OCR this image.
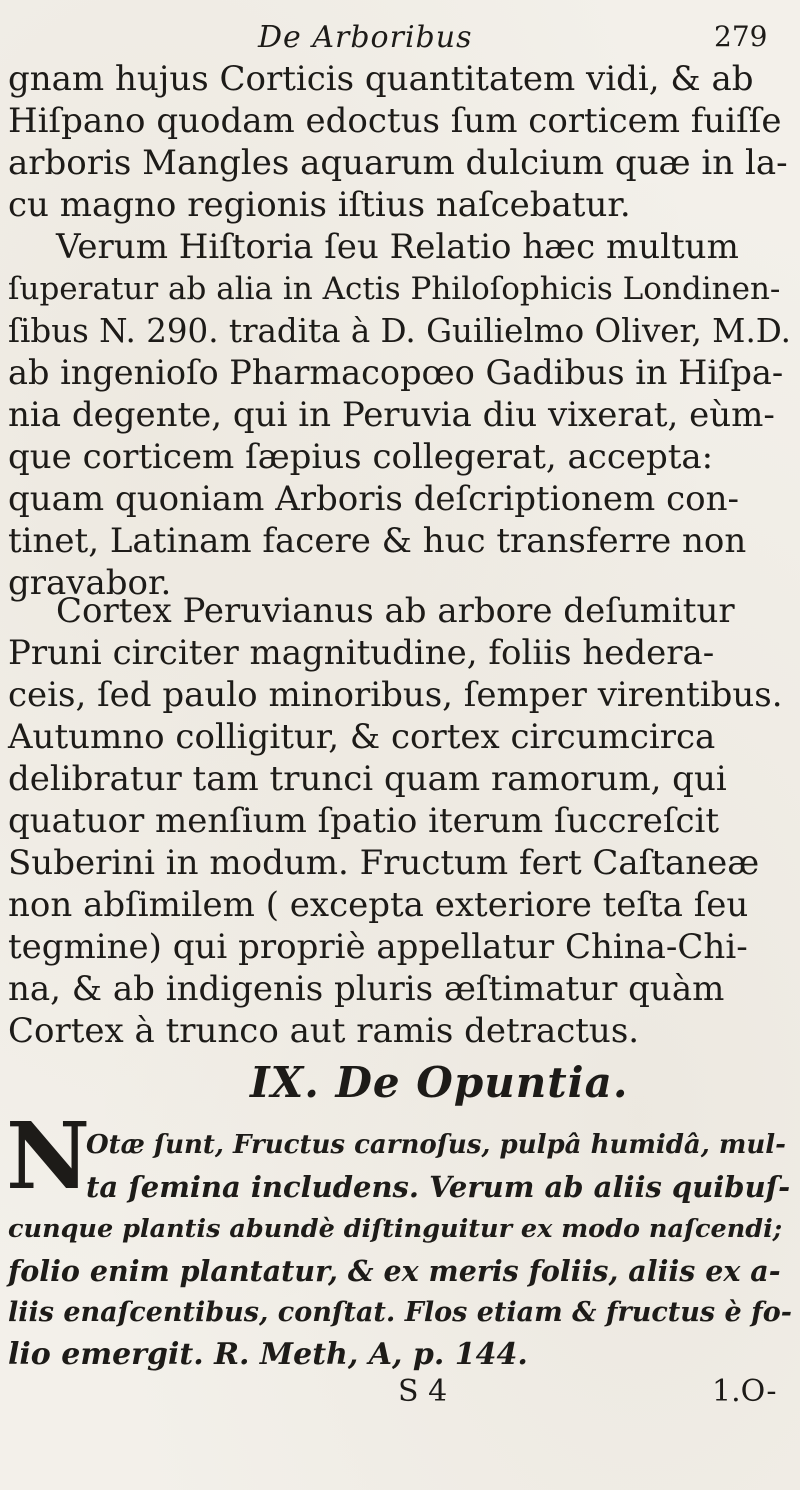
De Arboribus	279
gnam hujus Corticis quantitatem vidi, & ab
Hiſpano quodam edoctus ſum corticem fuiſſe
arboris Mangles aquarum dulcium quæ in la-
cu magno regionis iſtius naſcebatur.
Verum Hiſtoria ſeu Relatio hæc multum
ſuperatur ab alia in Actis Philoſophicis Londinen-
ſibus N. 290. tradita à D. Guilielmo Oliver, M.D.
ab ingenioſo Pharmacopœo Gadibus in Hiſpa-
nia degente, qui in Peruvia diu vixerat, eùm-
que corticem ſæpius collegerat, accepta:
quam quoniam Arboris deſcriptionem con-
tinet, Latinam facere & huc transferre non
gravabor.
Cortex Peruvianus ab arbore deſumitur
Pruni circiter magnitudine, foliis hedera-
ceis, ſed paulo minoribus, ſemper virentibus.
Autumno colligitur, & cortex circumcirca
delibratur tam trunci quam ramorum, qui
quatuor menſium ſpatio iterum ſuccreſcit
Suberini in modum. Fructum fert Caſtaneæ
non abſimilem ( excepta exteriore teſta ſeu
tegmine) qui propriè appellatur China-Chi-
na, & ab indigenis pluris æſtimatur quàm
Cortex à trunco aut ramis detractus.
IX. De Opuntia.
N
Otæ ſunt, Fructus carnoſus, pulpâ humidâ, mul-
ta ſemina includens. Verum ab aliis quibuſ-
cunque plantis abundè diſtinguitur ex modo naſcendi;
folio enim plantatur, & ex meris foliis, aliis ex a-
liis enaſcentibus, conſtat. Flos etiam & fructus è fo-
lio emergit. R. Meth, A, p. 144.
S 4	1.O-
